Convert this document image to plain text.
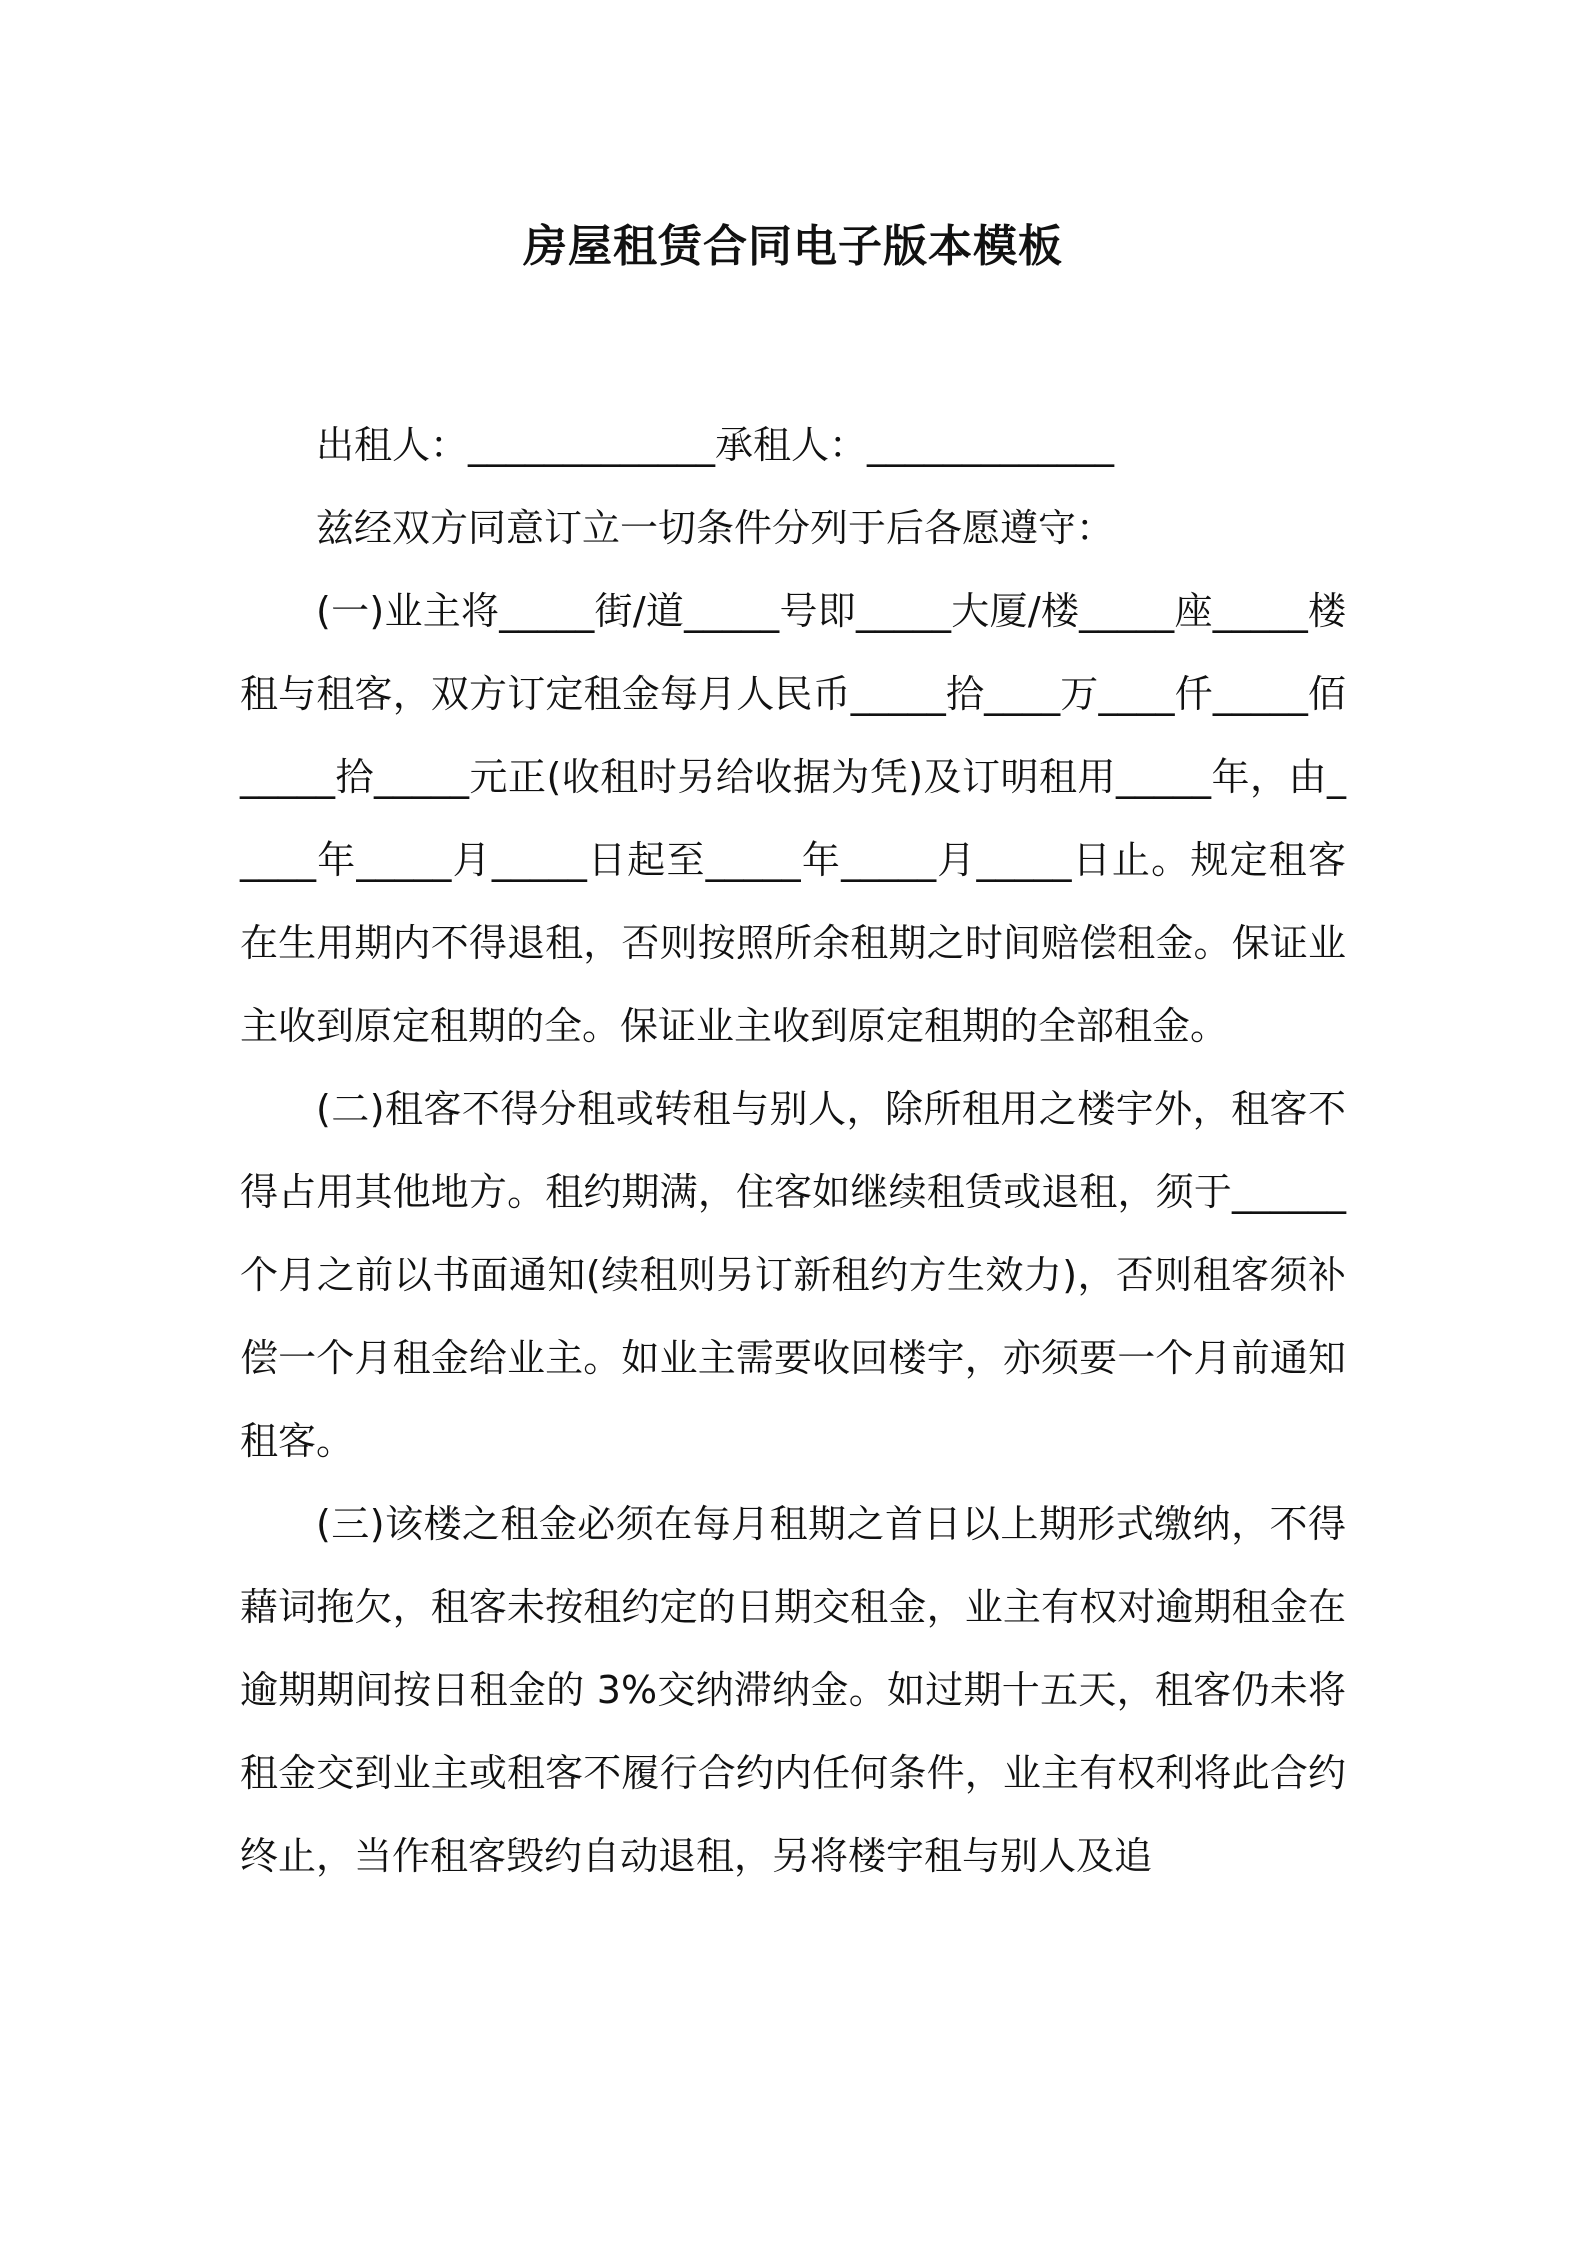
房屋租赁合同电子版本模板

出租人：_____________承租人：_____________

兹经双方同意订立一切条件分列于后各愿遵守：

(一)业主将_____街/道_____号即_____大厦/楼_____座_____楼租与租客，双方订定租金每月人民币_____拾____万____仟_____佰_____拾_____元正(收租时另给收据为凭)及订明租用_____年，由_____年_____月_____日起至_____年_____月_____日止。规定租客在生用期内不得退租，否则按照所余租期之时间赔偿租金。保证业主收到原定租期的全。保证业主收到原定租期的全部租金。

(二)租客不得分租或转租与别人，除所租用之楼宇外，租客不得占用其他地方。租约期满，住客如继续租赁或退租，须于______个月之前以书面通知(续租则另订新租约方生效力)，否则租客须补偿一个月租金给业主。如业主需要收回楼宇，亦须要一个月前通知租客。

(三)该楼之租金必须在每月租期之首日以上期形式缴纳，不得藉词拖欠，租客未按租约定的日期交租金，业主有权对逾期租金在逾期期间按日租金的 3%交纳滞纳金。如过期十五天，租客仍未将租金交到业主或租客不履行合约内任何条件，业主有权利将此合约终止，当作租客毁约自动退租，另将楼宇租与别人及追
